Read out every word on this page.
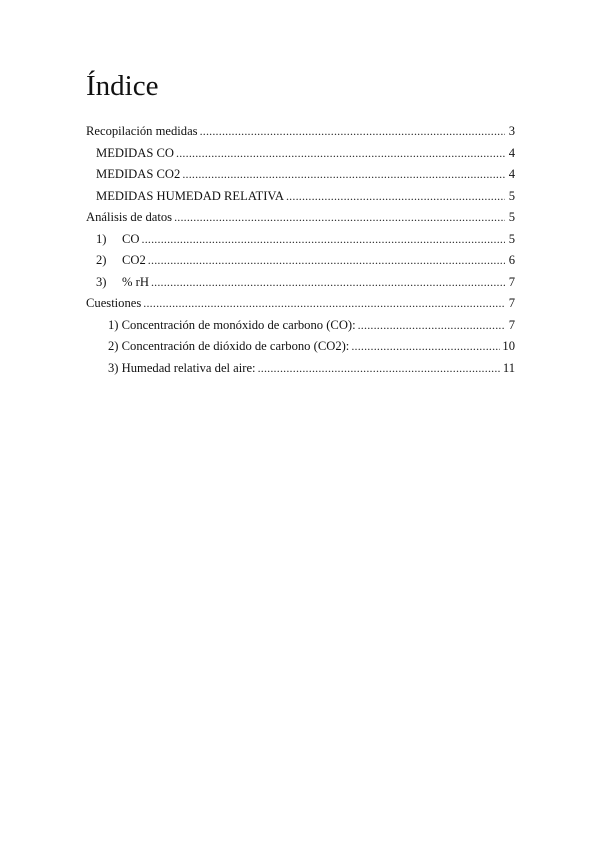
Índice
Recopilación medidas .....	3
MEDIDAS CO .....	4
MEDIDAS CO2 .....	4
MEDIDAS HUMEDAD RELATIVA .....	5
Análisis de datos .....	5
1)	CO .....	5
2)	CO2 .....	6
3)	% rH .....	7
Cuestiones .....	7
1) Concentración de monóxido de carbono (CO): .....	7
2) Concentración de dióxido de carbono (CO2): .....	10
3) Humedad relativa del aire: .....	11
